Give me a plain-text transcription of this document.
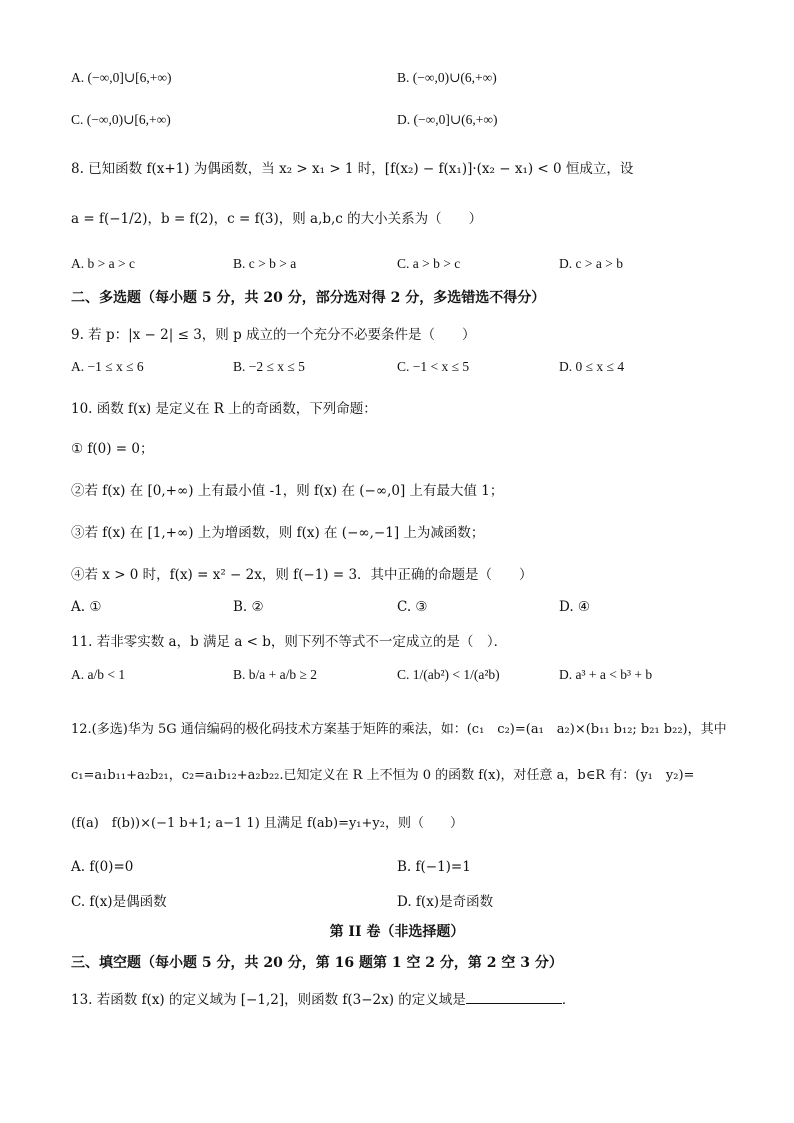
A. (−∞,0]∪[6,+∞)	B. (−∞,0)∪(6,+∞)
C. (−∞,0)∪[6,+∞)	D. (−∞,0]∪(6,+∞)
8. 已知函数 f(x+1) 为偶函数，当 x₂ > x₁ > 1 时，[f(x₂) − f(x₁)]·(x₂ − x₁) < 0 恒成立，设
a = f(−1/2)，b = f(2)，c = f(3)，则 a,b,c 的大小关系为（　　）
A. b > a > c	B. c > b > a	C. a > b > c	D. c > a > b
二、多选题（每小题 5 分，共 20 分，部分选对得 2 分，多选错选不得分）
9. 若 p：|x − 2| ≤ 3，则 p 成立的一个充分不必要条件是（　　）
A. −1 ≤ x ≤ 6	B. −2 ≤ x ≤ 5	C. −1 < x ≤ 5	D. 0 ≤ x ≤ 4
10. 函数 f(x) 是定义在 R 上的奇函数，下列命题：
① f(0) = 0；
②若 f(x) 在 [0,+∞) 上有最小值 -1，则 f(x) 在 (−∞,0] 上有最大值 1；
③若 f(x) 在 [1,+∞) 上为增函数，则 f(x) 在 (−∞,−1] 上为减函数；
④若 x > 0 时，f(x) = x² − 2x，则 f(−1) = 3．其中正确的命题是（　　）
A. ①	B. ②	C. ③	D. ④
11. 若非零实数 a，b 满足 a < b，则下列不等式不一定成立的是（　）．
A. a/b < 1	B. b/a + a/b ≥ 2	C. 1/(ab²) < 1/(a²b)	D. a³ + a < b³ + b
12.(多选)华为 5G 通信编码的极化码技术方案基于矩阵的乘法，如：(c₁　c₂)=(a₁　a₂)×(b₁₁ b₁₂; b₂₁ b₂₂)，其中
c₁=a₁b₁₁+a₂b₂₁，c₂=a₁b₁₂+a₂b₂₂.已知定义在 R 上不恒为 0 的函数 f(x)，对任意 a，b∈R 有：(y₁　y₂)=
(f(a)　f(b))×(−1 b+1; a−1 1) 且满足 f(ab)=y₁+y₂，则（　　）
A. f(0)=0	B. f(−1)=1
C. f(x)是偶函数	D. f(x)是奇函数
第 II 卷（非选择题）
三、填空题（每小题 5 分，共 20 分，第 16 题第 1 空 2 分，第 2 空 3 分）
13. 若函数 f(x) 的定义域为 [−1,2]，则函数 f(3−2x) 的定义域是	．
